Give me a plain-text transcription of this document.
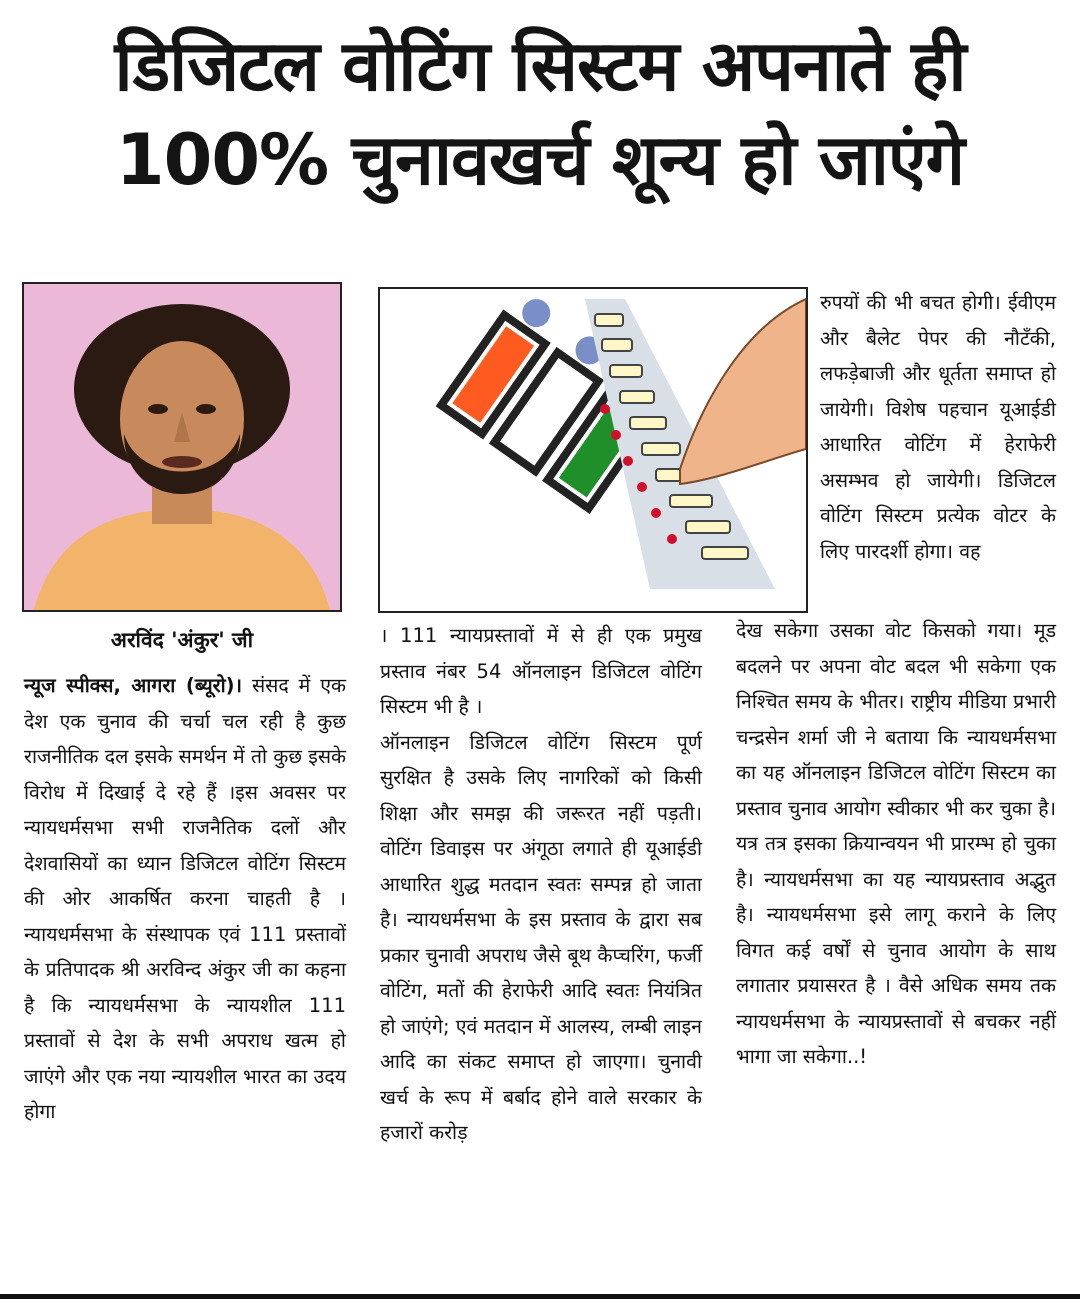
डिजिटल वोटिंग सिस्टम अपनाते ही
100% चुनावखर्च शून्य हो जाएंगे
अरविंद 'अंकुर' जी

न्यूज स्पीक्स, आगरा (ब्यूरो)। संसद में एक देश एक चुनाव की चर्चा चल रही है कुछ राजनीतिक दल इसके समर्थन में तो कुछ इसके विरोध में दिखाई दे रहे हैं ।इस अवसर पर न्यायधर्मसभा सभी राजनैतिक दलों और देशवासियों का ध्यान डिजिटल वोटिंग सिस्टम की ओर आकर्षित करना चाहती है । न्यायधर्मसभा के संस्थापक एवं 111 प्रस्तावों के प्रतिपादक श्री अरविन्द अंकुर जी का कहना है कि न्यायधर्मसभा के न्यायशील 111 प्रस्तावों से देश के सभी अपराध खत्म हो जाएंगे और एक नया न्यायशील भारत का उदय होगा

। 111 न्यायप्रस्तावों में से ही एक प्रमुख प्रस्ताव नंबर 54 ऑनलाइन डिजिटल वोटिंग सिस्टम भी है ।

ऑनलाइन डिजिटल वोटिंग सिस्टम पूर्ण सुरक्षित है उसके लिए नागरिकों को किसी शिक्षा और समझ की जरूरत नहीं पड़ती। वोटिंग डिवाइस पर अंगूठा लगाते ही यूआईडी आधारित शुद्ध मतदान स्वतः सम्पन्न हो जाता है। न्यायधर्मसभा के इस प्रस्ताव के द्वारा सब प्रकार चुनावी अपराध जैसे बूथ कैप्चरिंग, फर्जी वोटिंग, मतों की हेराफेरी आदि स्वतः नियंत्रित हो जाएंगे; एवं मतदान में आलस्य, लम्बी लाइन आदि का संकट समाप्त हो जाएगा। चुनावी खर्च के रूप में बर्बाद होने वाले सरकार के हजारों करोड़

रुपयों की भी बचत होगी। ईवीएम और बैलेट पेपर की नौटँकी, लफड़ेबाजी और धूर्तता समाप्त हो जायेगी। विशेष पहचान यूआईडी आधारित वोटिंग में हेराफेरी असम्भव हो जायेगी। डिजिटल वोटिंग सिस्टम प्रत्येक वोटर के लिए पारदर्शी होगा। वह

देख सकेगा उसका वोट किसको गया। मूड बदलने पर अपना वोट बदल भी सकेगा एक निश्चित समय के भीतर। राष्ट्रीय मीडिया प्रभारी चन्द्रसेन शर्मा जी ने बताया कि न्यायधर्मसभा का यह ऑनलाइन डिजिटल वोटिंग सिस्टम का प्रस्ताव चुनाव आयोग स्वीकार भी कर चुका है। यत्र तत्र इसका क्रियान्वयन भी प्रारम्भ हो चुका है। न्यायधर्मसभा का यह न्यायप्रस्ताव अद्भुत है। न्यायधर्मसभा इसे लागू कराने के लिए विगत कई वर्षों से चुनाव आयोग के साथ लगातार प्रयासरत है । वैसे अधिक समय तक न्यायधर्मसभा के न्यायप्रस्तावों से बचकर नहीं भागा जा सकेगा..!
